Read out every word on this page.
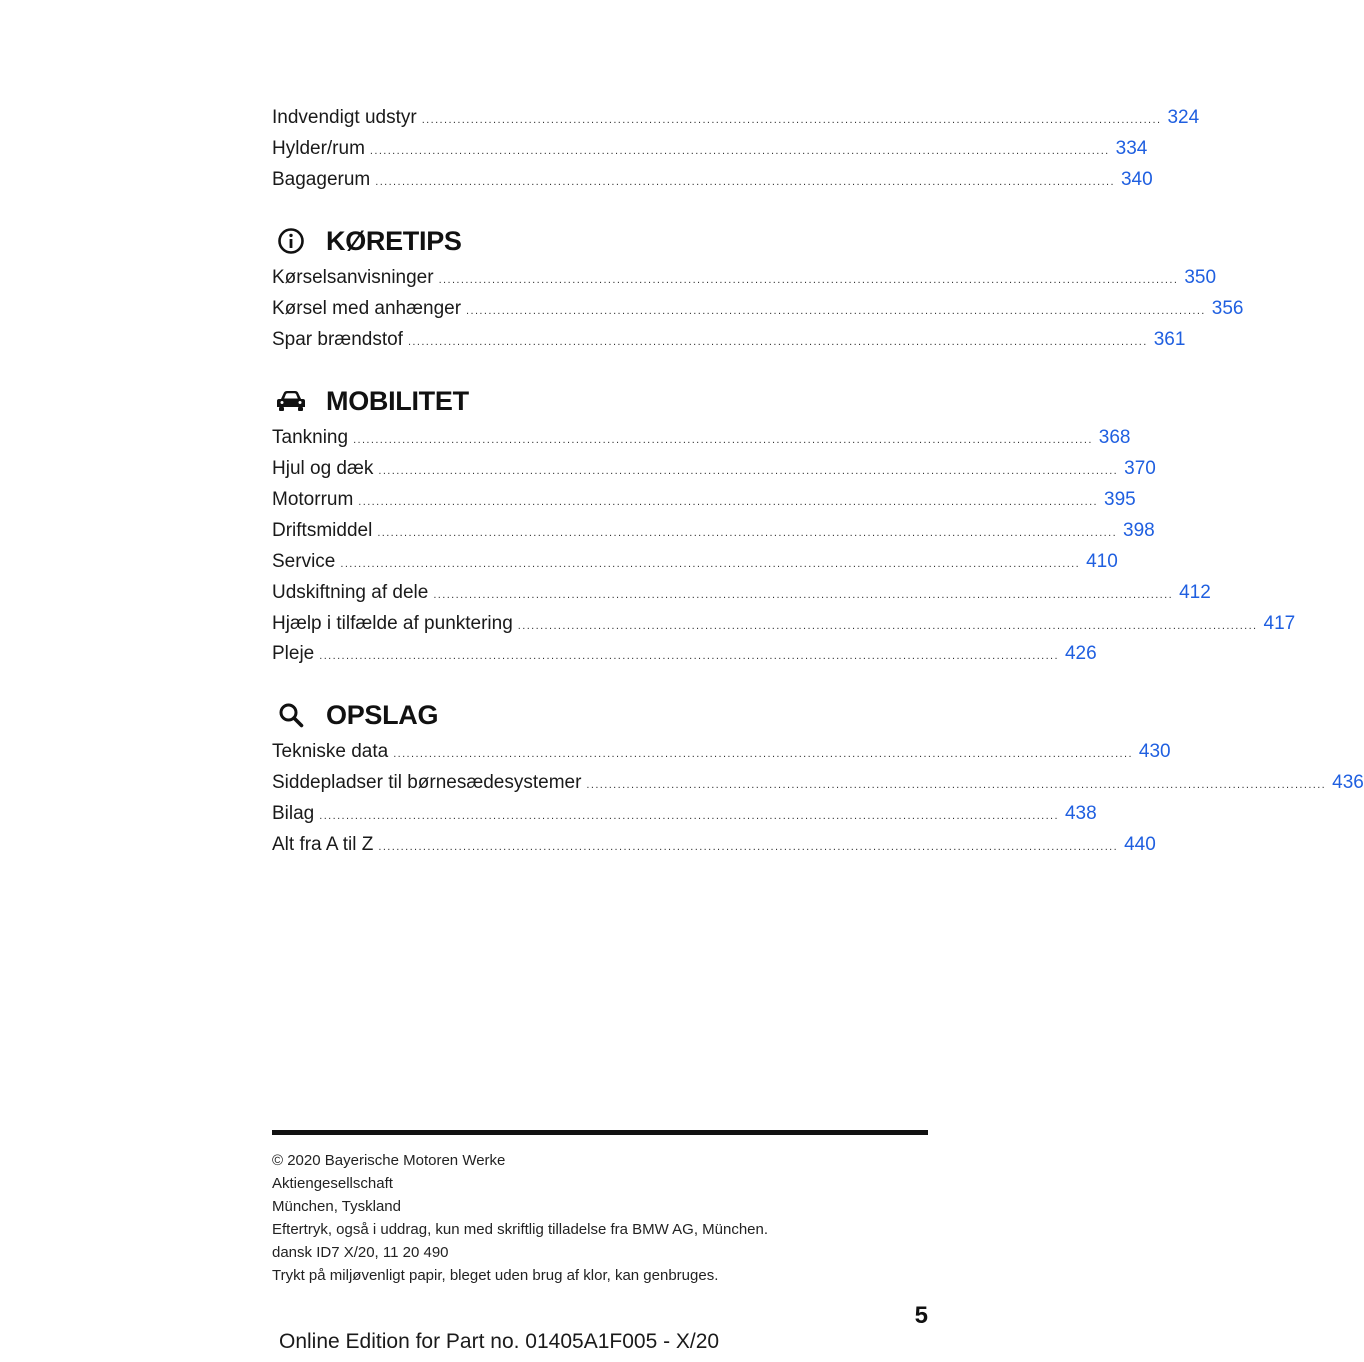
Indvendigt udstyr ...................................................................................................................................................................... 324
Hylder/rum ...................................................................................................................................................................... 334
Bagagerum ...................................................................................................................................................................... 340
KØRETIPS
Kørselsanvisninger ...................................................................................................................................................................... 350
Kørsel med anhænger ...................................................................................................................................................................... 356
Spar brændstof ...................................................................................................................................................................... 361
MOBILITET
Tankning ...................................................................................................................................................................... 368
Hjul og dæk ...................................................................................................................................................................... 370
Motorrum ...................................................................................................................................................................... 395
Driftsmiddel ...................................................................................................................................................................... 398
Service ...................................................................................................................................................................... 410
Udskiftning af dele ...................................................................................................................................................................... 412
Hjælp i tilfælde af punktering ...................................................................................................................................................................... 417
Pleje ...................................................................................................................................................................... 426
OPSLAG
Tekniske data ...................................................................................................................................................................... 430
Siddepladser til børnesædesystemer ...................................................................................................................................................................... 436
Bilag ...................................................................................................................................................................... 438
Alt fra A til Z ...................................................................................................................................................................... 440
© 2020 Bayerische Motoren Werke
Aktiengesellschaft
München, Tyskland
Eftertryk, også i uddrag, kun med skriftlig tilladelse fra BMW AG, München.
dansk ID7 X/20, 11 20 490
Trykt på miljøvenligt papir, bleget uden brug af klor, kan genbruges.
5
Online Edition for Part no. 01405A1F005 - X/20
